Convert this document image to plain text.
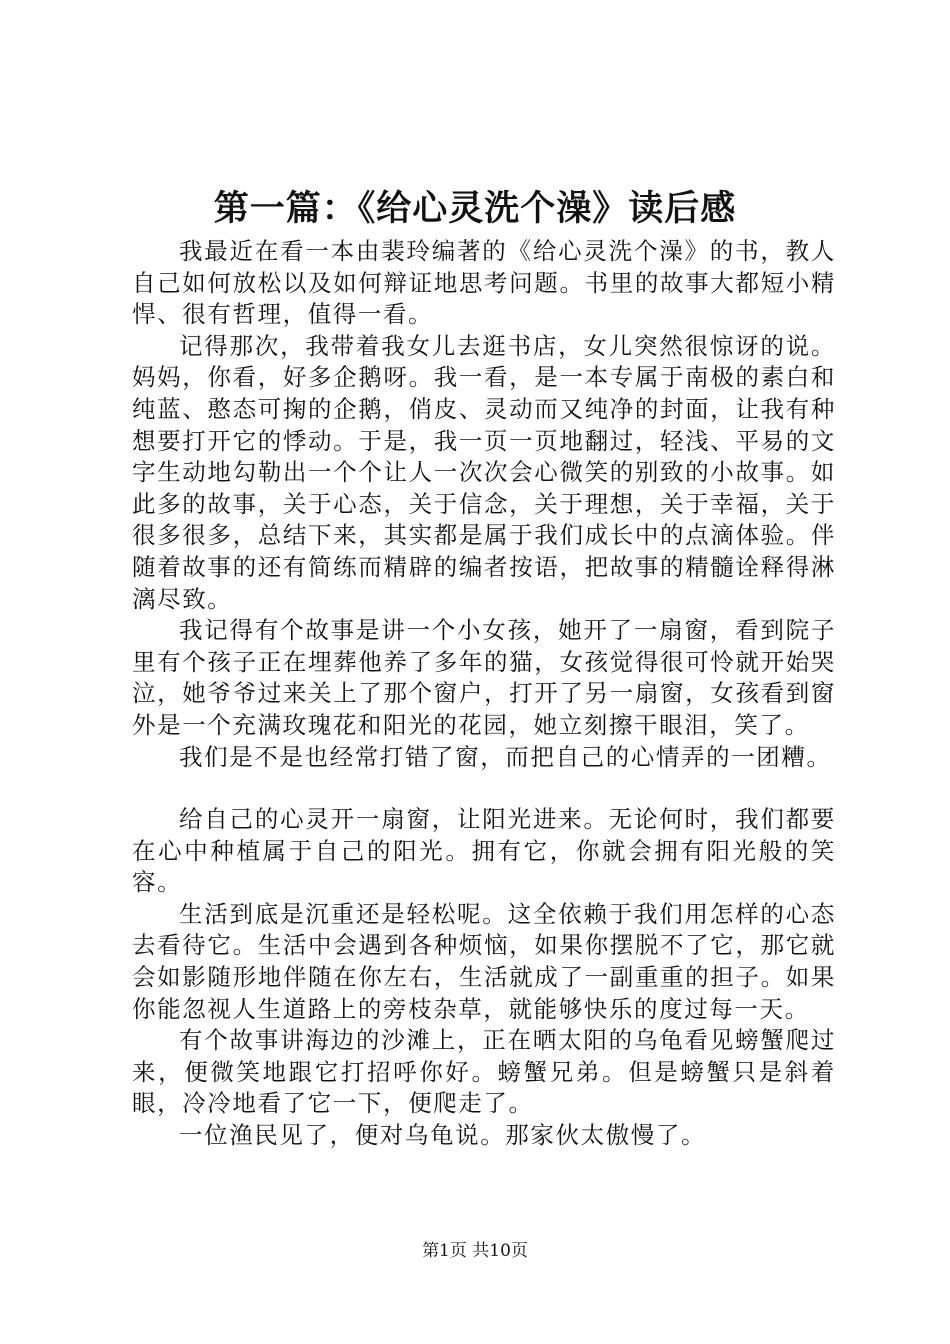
第一篇：《给心灵洗个澡》读后感

我最近在看一本由裴玲编著的《给心灵洗个澡》的书，教人自己如何放松以及如何辩证地思考问题。书里的故事大都短小精悍、很有哲理，值得一看。

记得那次，我带着我女儿去逛书店，女儿突然很惊讶的说。妈妈，你看，好多企鹅呀。我一看，是一本专属于南极的素白和纯蓝、憨态可掬的企鹅，俏皮、灵动而又纯净的封面，让我有种想要打开它的悸动。于是，我一页一页地翻过，轻浅、平易的文字生动地勾勒出一个个让人一次次会心微笑的别致的小故事。如此多的故事，关于心态，关于信念，关于理想，关于幸福，关于很多很多，总结下来，其实都是属于我们成长中的点滴体验。伴随着故事的还有简练而精辟的编者按语，把故事的精髓诠释得淋漓尽致。

我记得有个故事是讲一个小女孩，她开了一扇窗，看到院子里有个孩子正在埋葬他养了多年的猫，女孩觉得很可怜就开始哭泣，她爷爷过来关上了那个窗户，打开了另一扇窗，女孩看到窗外是一个充满玫瑰花和阳光的花园，她立刻擦干眼泪，笑了。

我们是不是也经常打错了窗，而把自己的心情弄的一团糟。

给自己的心灵开一扇窗，让阳光进来。无论何时，我们都要在心中种植属于自己的阳光。拥有它，你就会拥有阳光般的笑容。

生活到底是沉重还是轻松呢。这全依赖于我们用怎样的心态去看待它。生活中会遇到各种烦恼，如果你摆脱不了它，那它就会如影随形地伴随在你左右，生活就成了一副重重的担子。如果你能忽视人生道路上的旁枝杂草，就能够快乐的度过每一天。

有个故事讲海边的沙滩上，正在晒太阳的乌龟看见螃蟹爬过来，便微笑地跟它打招呼你好。螃蟹兄弟。但是螃蟹只是斜着眼，冷冷地看了它一下，便爬走了。

一位渔民见了，便对乌龟说。那家伙太傲慢了。

第1页 共10页
